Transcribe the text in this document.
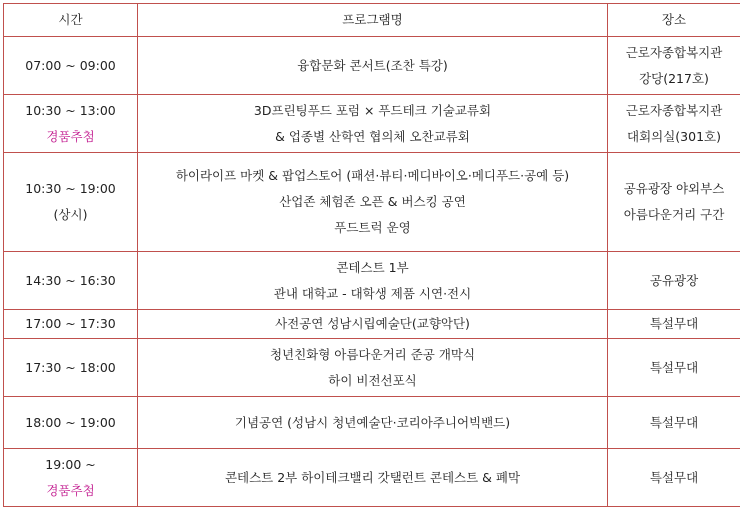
시간	프로그램명	장소

07:00 ~ 09:00	융합문화 콘서트(조찬 특강)	근로자종합복지관
강당(217호)

10:30 ~ 13:00
경품추첨	3D프린팅푸드 포럼 × 푸드테크 기술교류회
& 업종별 산학연 협의체 오찬교류회	근로자종합복지관
대회의실(301호)

10:30 ~ 19:00
(상시)	하이라이프 마켓 & 팝업스토어 (패션·뷰티·메디바이오·메디푸드·공예 등)
산업존 체험존 오픈 & 버스킹 공연
푸드트럭 운영	공유광장 야외부스
아름다운거리 구간

14:30 ~ 16:30	콘테스트 1부
관내 대학교 - 대학생 제품 시연·전시	공유광장

17:00 ~ 17:30	사전공연 성남시립예술단(교향악단)	특설무대

17:30 ~ 18:00	청년친화형 아름다운거리 준공 개막식
하이 비전선포식	특설무대

18:00 ~ 19:00	기념공연 (성남시 청년예술단·코리아주니어빅밴드)	특설무대

19:00 ~
경품추첨	콘테스트 2부 하이테크밸리 갓탤런트 콘테스트 & 폐막	특설무대
